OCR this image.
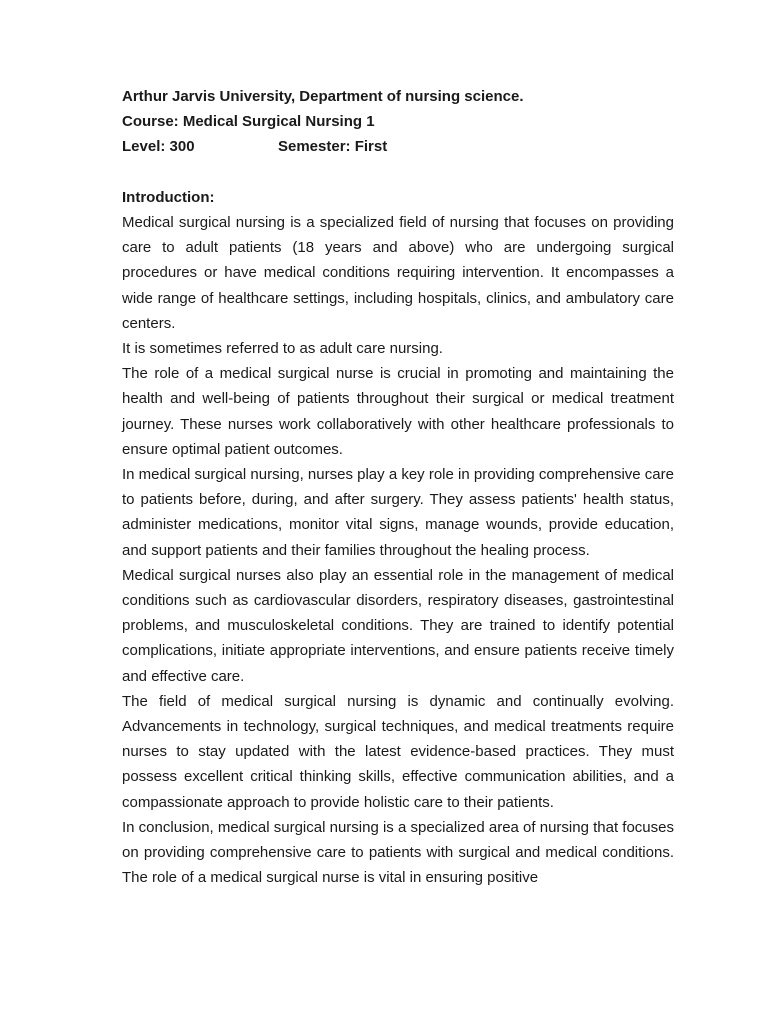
Arthur Jarvis University, Department of nursing science.

Course: Medical Surgical Nursing 1

Level: 300	Semester: First

Introduction:

Medical surgical nursing is a specialized field of nursing that focuses on providing care to adult patients (18 years and above) who are undergoing surgical procedures or have medical conditions requiring intervention. It encompasses a wide range of healthcare settings, including hospitals, clinics, and ambulatory care centers.

It is sometimes referred to as adult care nursing.

The role of a medical surgical nurse is crucial in promoting and maintaining the health and well-being of patients throughout their surgical or medical treatment journey. These nurses work collaboratively with other healthcare professionals to ensure optimal patient outcomes.

In medical surgical nursing, nurses play a key role in providing comprehensive care to patients before, during, and after surgery. They assess patients' health status, administer medications, monitor vital signs, manage wounds, provide education, and support patients and their families throughout the healing process.

Medical surgical nurses also play an essential role in the management of medical conditions such as cardiovascular disorders, respiratory diseases, gastrointestinal problems, and musculoskeletal conditions. They are trained to identify potential complications, initiate appropriate interventions, and ensure patients receive timely and effective care.

The field of medical surgical nursing is dynamic and continually evolving. Advancements in technology, surgical techniques, and medical treatments require nurses to stay updated with the latest evidence-based practices. They must possess excellent critical thinking skills, effective communication abilities, and a compassionate approach to provide holistic care to their patients.

In conclusion, medical surgical nursing is a specialized area of nursing that focuses on providing comprehensive care to patients with surgical and medical conditions. The role of a medical surgical nurse is vital in ensuring positive
